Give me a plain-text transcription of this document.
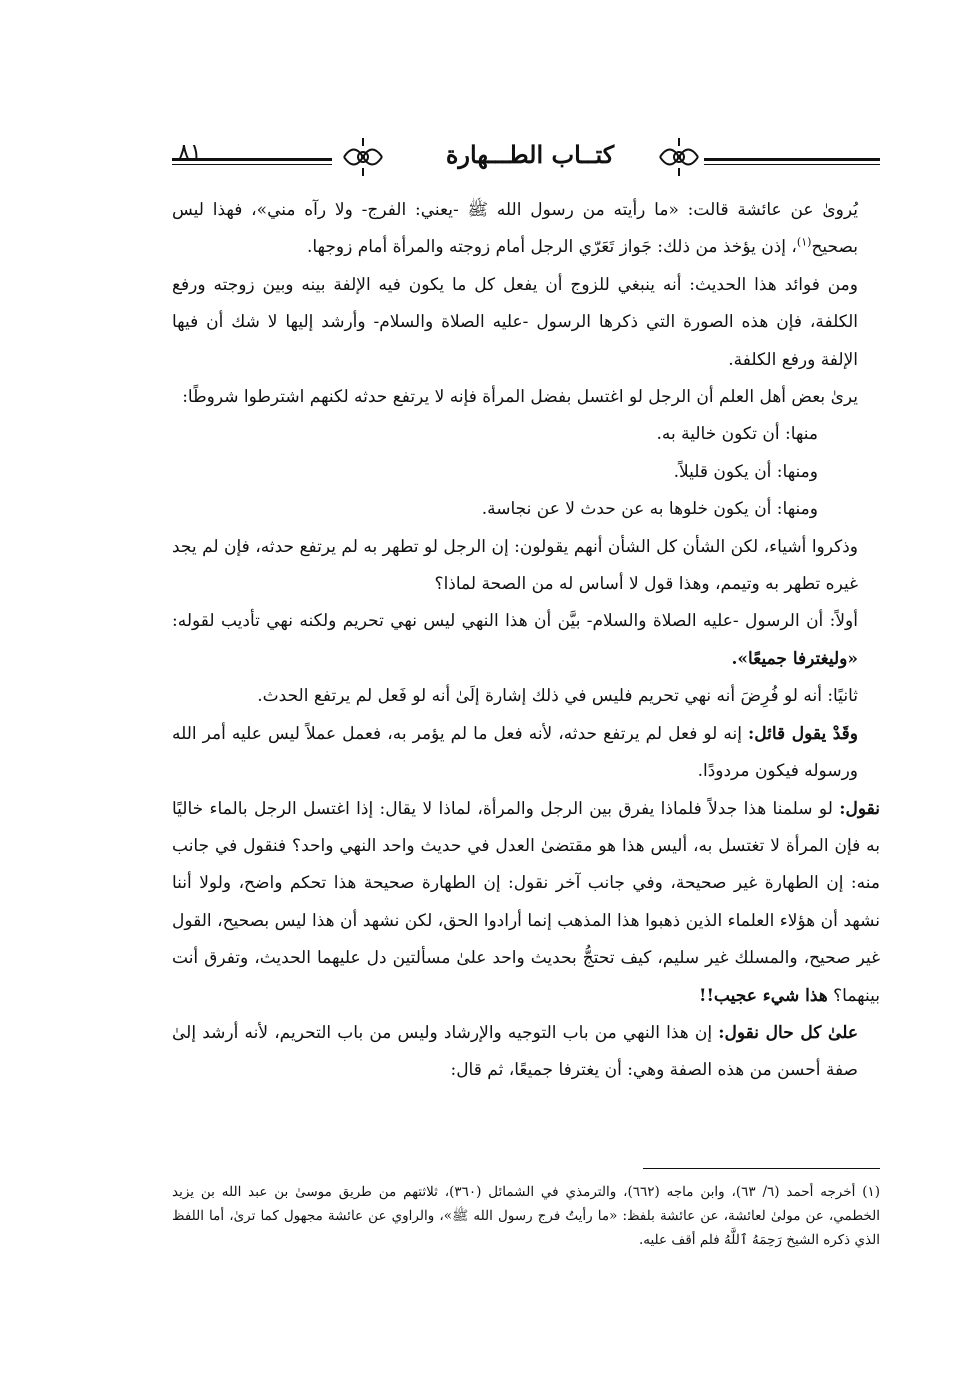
كتــاب الطـــهارة
٨١

يُروىٰ عن عائشة قالت: «ما رأيته من رسول الله ﷺ -يعني: الفرج- ولا رآه مني»، فهذا ليس بصحيح$^{(١)}$، إذن يؤخذ من ذلك: جَواز تَعَرّي الرجل أمام زوجته والمرأة أمام زوجها.

ومن فوائد هذا الحديث: أنه ينبغي للزوج أن يفعل كل ما يكون فيه الإلفة بينه وبين زوجته ورفع الكلفة، فإن هذه الصورة التي ذكرها الرسول -عليه الصلاة والسلام- وأرشد إليها لا شك أن فيها الإلفة ورفع الكلفة.

يرىٰ بعض أهل العلم أن الرجل لو اغتسل بفضل المرأة فإنه لا يرتفع حدثه لكنهم اشترطوا شروطًا:

منها: أن تكون خالية به.

ومنها: أن يكون قليلاً.

ومنها: أن يكون خلوها به عن حدث لا عن نجاسة.

وذكروا أشياء، لكن الشأن كل الشأن أنهم يقولون: إن الرجل لو تطهر به لم يرتفع حدثه، فإن لم يجد غيره تطهر به وتيمم، وهذا قول لا أساس له من الصحة لماذا؟

أولاً: أن الرسول -عليه الصلاة والسلام- بيَّن أن هذا النهي ليس نهي تحريم ولكنه نهي تأديب لقوله: «وليغترفا جميعًا».

ثانيًا: أنه لو فُرِضَ أنه نهي تحريم فليس في ذلك إشارة إلَىٰ أنه لو فَعل لم يرتفع الحدث.

وقَدْ يقول قائل: إنه لو فعل لم يرتفع حدثه، لأنه فعل ما لم يؤمر به، فعمل عملاً ليس عليه أمر الله ورسوله فيكون مردودًا.

نقول: لو سلمنا هذا جدلاً فلماذا يفرق بين الرجل والمرأة، لماذا لا يقال: إذا اغتسل الرجل بالماء خاليًا به فإن المرأة لا تغتسل به، أليس هذا هو مقتضىٰ العدل في حديث واحد النهي واحد؟ فنقول في جانب منه: إن الطهارة غير صحيحة، وفي جانب آخر نقول: إن الطهارة صحيحة هذا تحكم واضح، ولولا أننا نشهد أن هؤلاء العلماء الذين ذهبوا هذا المذهب إنما أرادوا الحق، لكن نشهد أن هذا ليس بصحيح، القول غير صحيح، والمسلك غير سليم، كيف تحتجُّ بحديث واحد علىٰ مسألتين دل عليهما الحديث، وتفرق أنت بينهما؟ هذا شيء عجيب!!

علىٰ كل حال نقول: إن هذا النهي من باب التوجيه والإرشاد وليس من باب التحريم، لأنه أرشد إلىٰ صفة أحسن من هذه الصفة وهي: أن يغترفا جميعًا، ثم قال:

(١) أخرجه أحمد (٦/ ٦٣)، وابن ماجه (٦٦٢)، والترمذي في الشمائل (٣٦٠)، ثلاثتهم من طريق موسىٰ بن عبد الله بن يزيد الخطمي، عن مولىٰ لعائشة، عن عائشة بلفظ: «ما رأيتُ فرج رسول الله ﷺ»، والراوي عن عائشة مجهول كما ترىٰ، أما اللفظ الذي ذكره الشيخ رَحِمَهُ ٱللَّهُ فلم أقف عليه.
